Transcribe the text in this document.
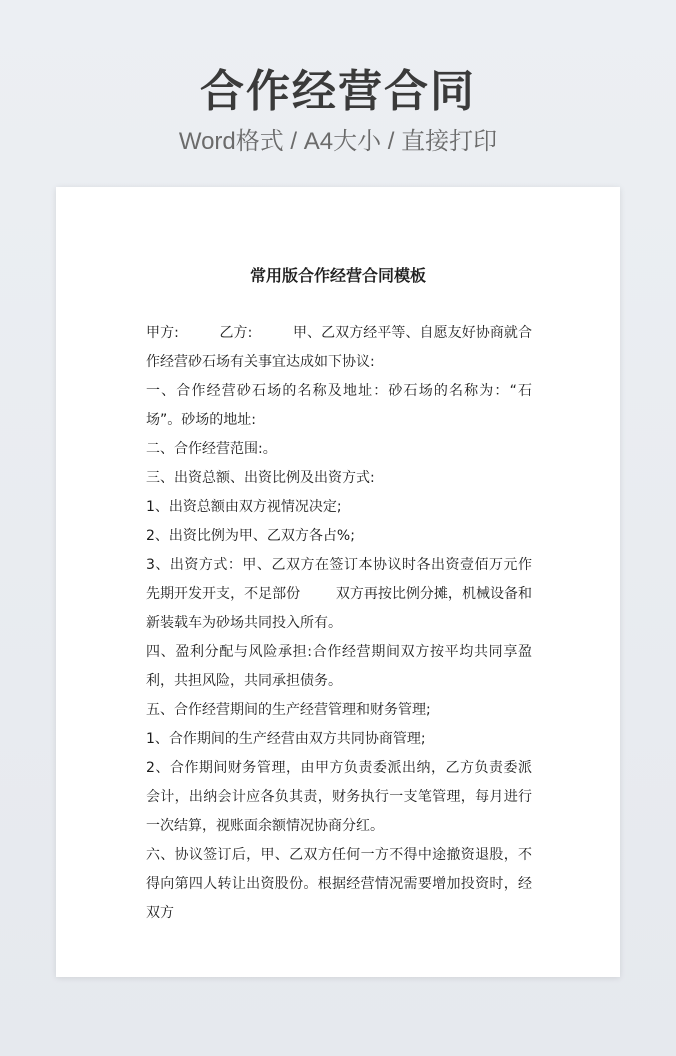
合作经营合同
Word格式 / A4大小 / 直接打印
常用版合作经营合同模板

甲方:         乙方:         甲、乙双方经平等、自愿友好协商就合作经营砂石场有关事宜达成如下协议:

一、合作经营砂石场的名称及地址：砂石场的名称为：“石场”。砂场的地址:

二、合作经营范围:。

三、出资总额、出资比例及出资方式:

1、出资总额由双方视情况决定;

2、出资比例为甲、乙双方各占%;

3、出资方式：甲、乙双方在签订本协议时各出资壹佰万元作先期开发开支，不足部份        双方再按比例分摊，机械设备和新装载车为砂场共同投入所有。

四、盈利分配与风险承担:合作经营期间双方按平均共同享盈利，共担风险，共同承担债务。

五、合作经营期间的生产经营管理和财务管理;

1、合作期间的生产经营由双方共同协商管理;

2、合作期间财务管理，由甲方负责委派出纳，乙方负责委派会计，出纳会计应各负其责，财务执行一支笔管理，每月进行一次结算，视账面余额情况协商分红。

六、协议签订后，甲、乙双方任何一方不得中途撤资退股，不得向第四人转让出资股份。根据经营情况需要增加投资时，经双方
